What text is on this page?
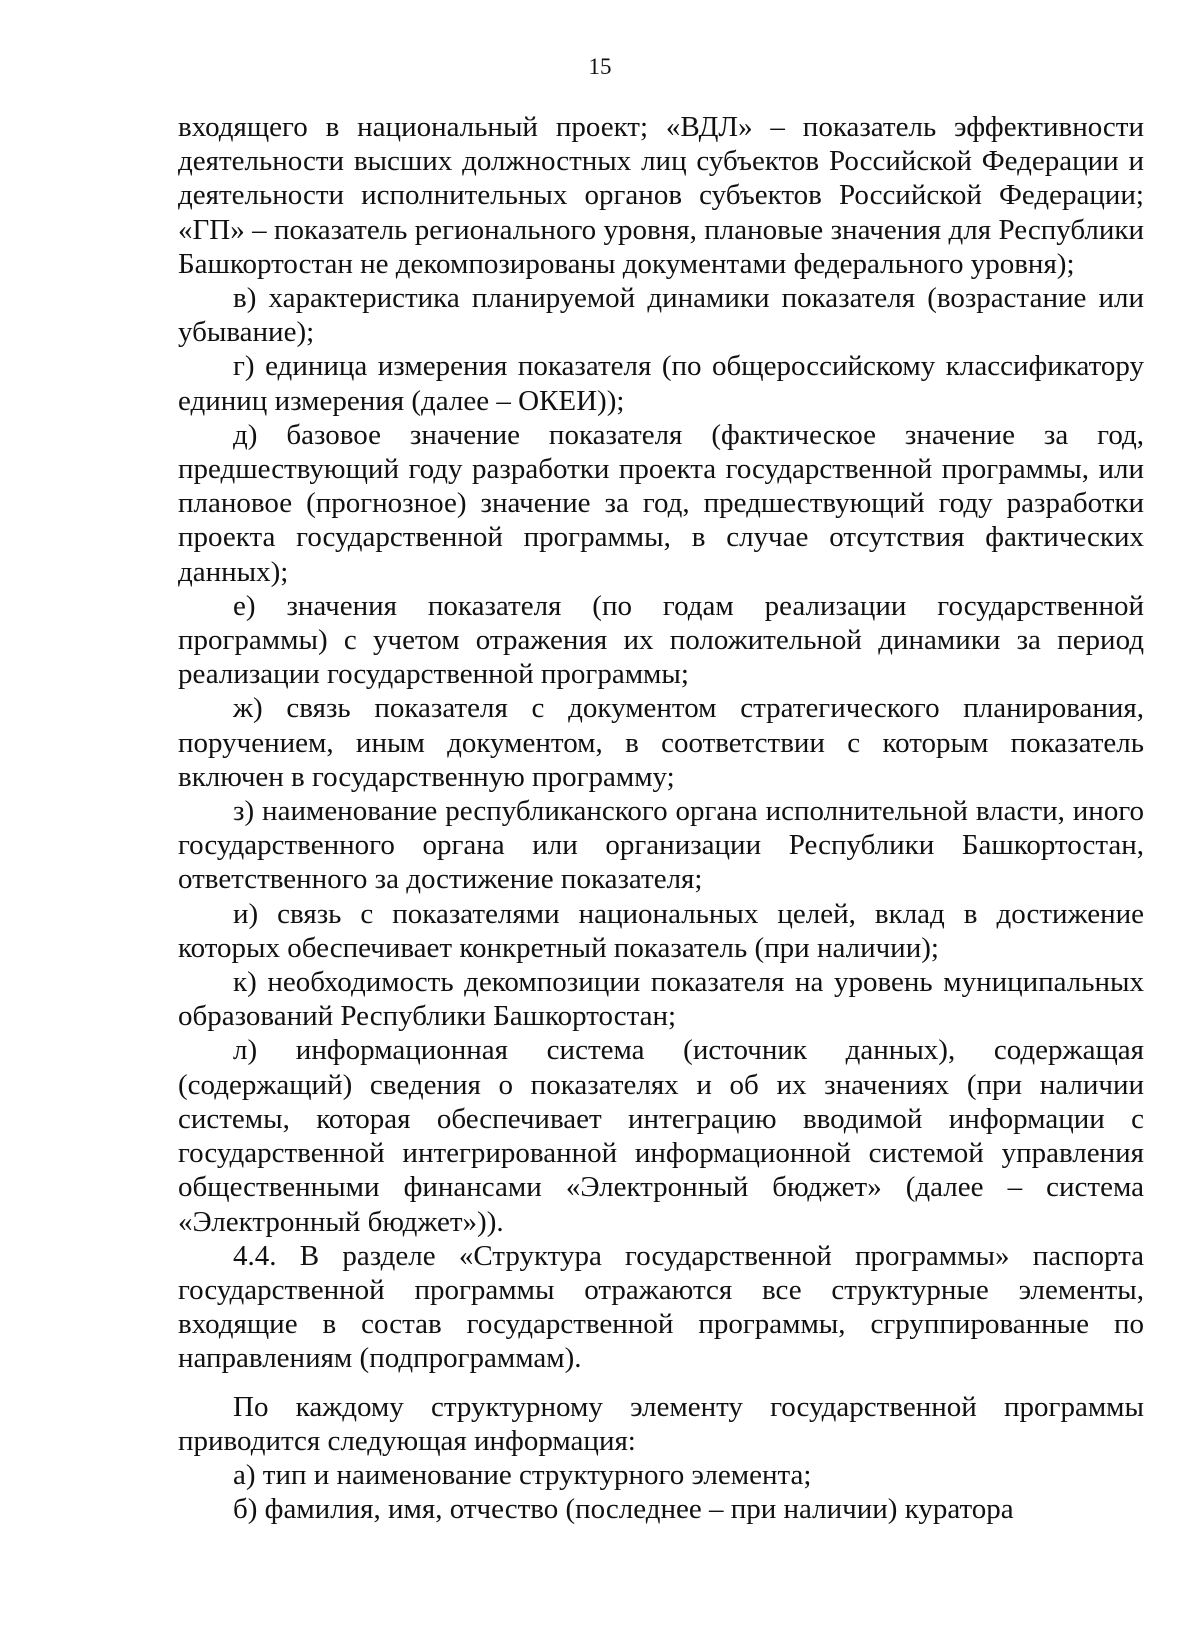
15

входящего в национальный проект; «ВДЛ» – показатель эффективности деятельности высших должностных лиц субъектов Российской Федерации и деятельности исполнительных органов субъектов Российской Федерации; «ГП» – показатель регионального уровня, плановые значения для Республики Башкортостан не декомпозированы документами федерального уровня);

в) характеристика планируемой динамики показателя (возрастание или убывание);

г) единица измерения показателя (по общероссийскому классификатору единиц измерения (далее – ОКЕИ));

д) базовое значение показателя (фактическое значение за год, предшествующий году разработки проекта государственной программы, или плановое (прогнозное) значение за год, предшествующий году разработки проекта государственной программы, в случае отсутствия фактических данных);

е) значения показателя (по годам реализации государственной программы) с учетом отражения их положительной динамики за период реализации государственной программы;

ж) связь показателя с документом стратегического планирования, поручением, иным документом, в соответствии с которым показатель включен в государственную программу;

з) наименование республиканского органа исполнительной власти, иного государственного органа или организации Республики Башкортостан, ответственного за достижение показателя;

и) связь с показателями национальных целей, вклад в достижение которых обеспечивает конкретный показатель (при наличии);

к) необходимость декомпозиции показателя на уровень муниципальных образований Республики Башкортостан;

л) информационная система (источник данных), содержащая (содержащий) сведения о показателях и об их значениях (при наличии системы, которая обеспечивает интеграцию вводимой информации с государственной интегрированной информационной системой управления общественными финансами «Электронный бюджет» (далее – система «Электронный бюджет»)).

4.4. В разделе «Структура государственной программы» паспорта государственной программы отражаются все структурные элементы, входящие в состав государственной программы, сгруппированные по направлениям (подпрограммам).

По каждому структурному элементу государственной программы приводится следующая информация:

а) тип и наименование структурного элемента;

б) фамилия, имя, отчество (последнее – при наличии) куратора
